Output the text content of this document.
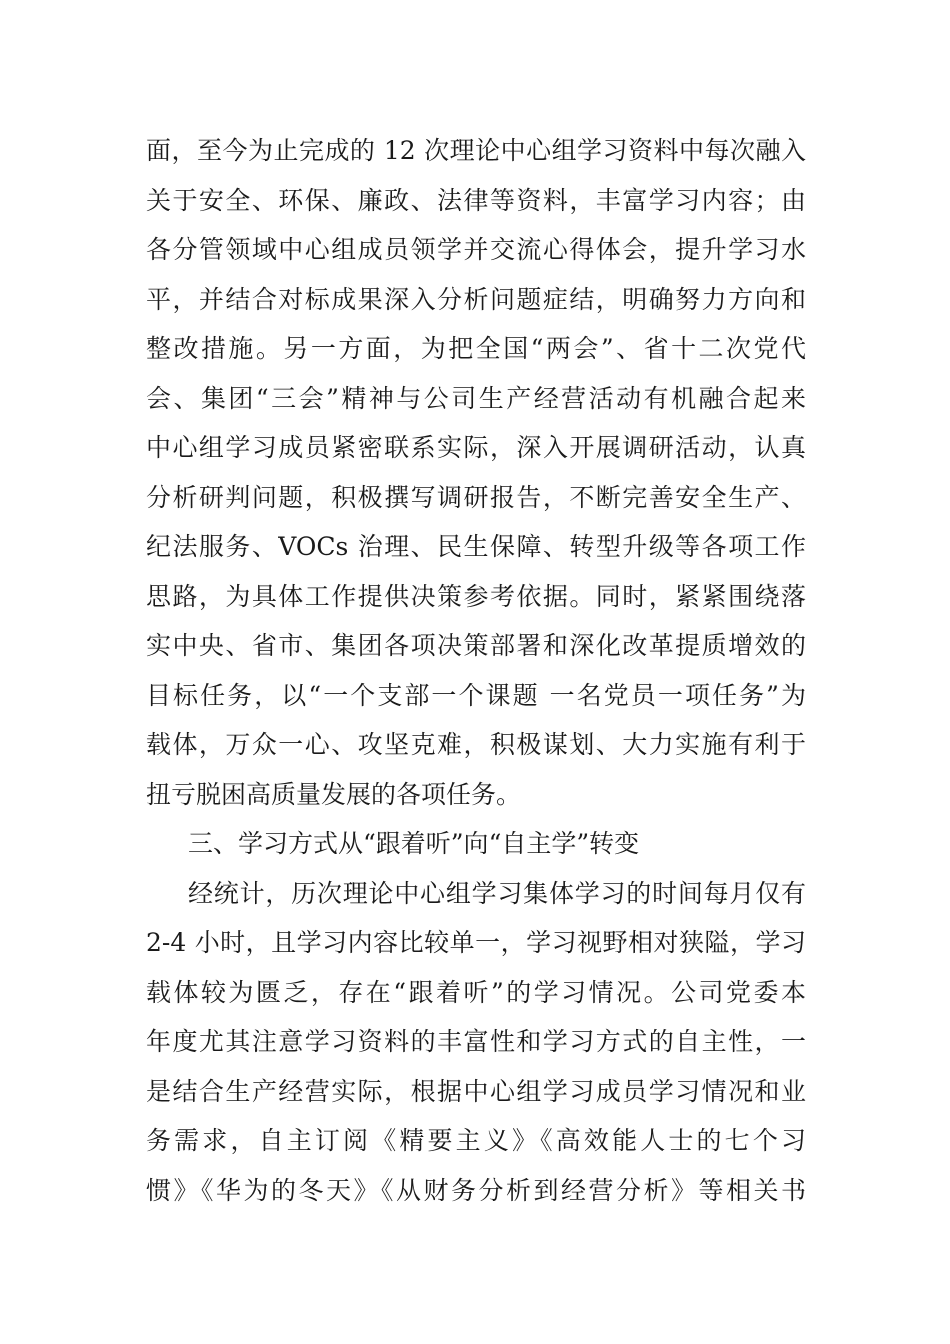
面，至今为止完成的 12 次理论中心组学习资料中每次融入
关于安全、环保、廉政、法律等资料，丰富学习内容；由
各分管领域中心组成员领学并交流心得体会，提升学习水
平，并结合对标成果深入分析问题症结，明确努力方向和
整改措施。另一方面，为把全国“两会”、省十二次党代
会、集团“三会”精神与公司生产经营活动有机融合起来
中心组学习成员紧密联系实际，深入开展调研活动，认真
分析研判问题，积极撰写调研报告，不断完善安全生产、
纪法服务、VOCs 治理、民生保障、转型升级等各项工作
思路，为具体工作提供决策参考依据。同时，紧紧围绕落
实中央、省市、集团各项决策部署和深化改革提质增效的
目标任务，以“一个支部一个课题 一名党员一项任务”为
载体，万众一心、攻坚克难，积极谋划、大力实施有利于
扭亏脱困高质量发展的各项任务。
三、学习方式从“跟着听”向“自主学”转变
经统计，历次理论中心组学习集体学习的时间每月仅有
2-4 小时，且学习内容比较单一，学习视野相对狭隘，学习
载体较为匮乏，存在“跟着听”的学习情况。公司党委本
年度尤其注意学习资料的丰富性和学习方式的自主性，一
是结合生产经营实际，根据中心组学习成员学习情况和业
务需求，自主订阅《精要主义》《高效能人士的七个习
惯》《华为的冬天》《从财务分析到经营分析》等相关书
